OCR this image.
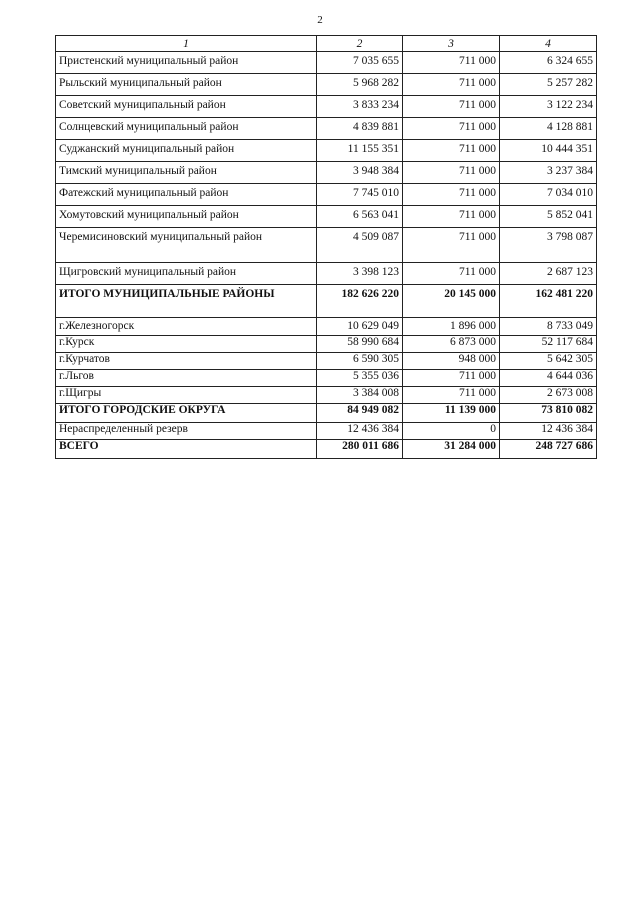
2
1	2	3	4
Пристенский муниципальный район	7 035 655	711 000	6 324 655
Рыльский муниципальный район	5 968 282	711 000	5 257 282
Советский муниципальный район	3 833 234	711 000	3 122 234
Солнцевский муниципальный район	4 839 881	711 000	4 128 881
Суджанский муниципальный район	11 155 351	711 000	10 444 351
Тимский муниципальный район	3 948 384	711 000	3 237 384
Фатежский муниципальный район	7 745 010	711 000	7 034 010
Хомутовский муниципальный район	6 563 041	711 000	5 852 041
Черемисиновский муниципальный район	4 509 087	711 000	3 798 087
Щигровский муниципальный район	3 398 123	711 000	2 687 123
ИТОГО МУНИЦИПАЛЬНЫЕ РАЙОНЫ	182 626 220	20 145 000	162 481 220
г.Железногорск	10 629 049	1 896 000	8 733 049
г.Курск	58 990 684	6 873 000	52 117 684
г.Курчатов	6 590 305	948 000	5 642 305
г.Льгов	5 355 036	711 000	4 644 036
г.Щигры	3 384 008	711 000	2 673 008
ИТОГО ГОРОДСКИЕ ОКРУГА	84 949 082	11 139 000	73 810 082
Нераспределенный резерв	12 436 384	0	12 436 384
ВСЕГО	280 011 686	31 284 000	248 727 686
